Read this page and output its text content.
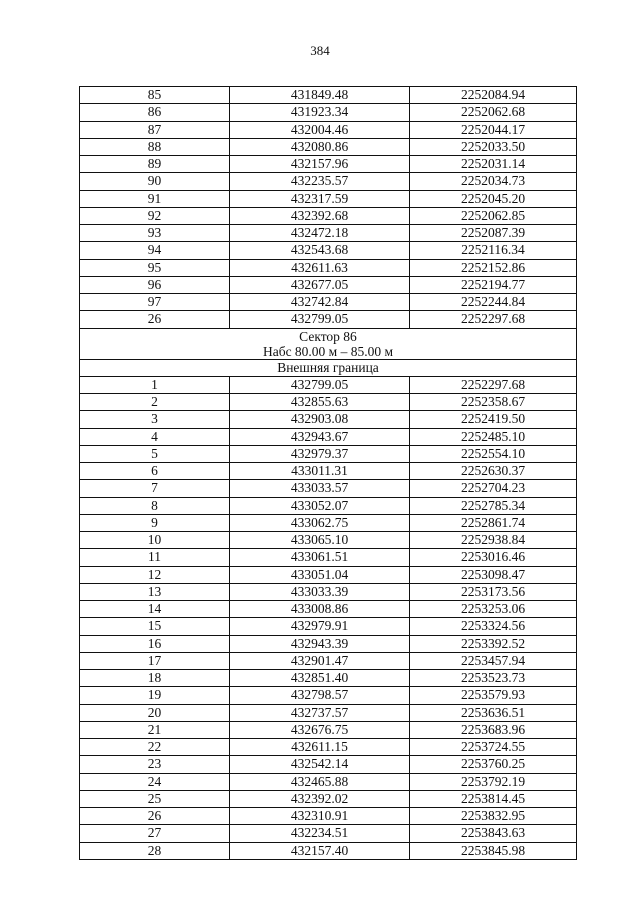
384
85	431849.48	2252084.94
86	431923.34	2252062.68
87	432004.46	2252044.17
88	432080.86	2252033.50
89	432157.96	2252031.14
90	432235.57	2252034.73
91	432317.59	2252045.20
92	432392.68	2252062.85
93	432472.18	2252087.39
94	432543.68	2252116.34
95	432611.63	2252152.86
96	432677.05	2252194.77
97	432742.84	2252244.84
26	432799.05	2252297.68

Сектор 86
Набс 80.00 м – 85.00 м		

Внешняя граница		
1	432799.05	2252297.68
2	432855.63	2252358.67
3	432903.08	2252419.50
4	432943.67	2252485.10
5	432979.37	2252554.10
6	433011.31	2252630.37
7	433033.57	2252704.23
8	433052.07	2252785.34
9	433062.75	2252861.74
10	433065.10	2252938.84
11	433061.51	2253016.46
12	433051.04	2253098.47
13	433033.39	2253173.56
14	433008.86	2253253.06
15	432979.91	2253324.56
16	432943.39	2253392.52
17	432901.47	2253457.94
18	432851.40	2253523.73
19	432798.57	2253579.93
20	432737.57	2253636.51
21	432676.75	2253683.96
22	432611.15	2253724.55
23	432542.14	2253760.25
24	432465.88	2253792.19
25	432392.02	2253814.45
26	432310.91	2253832.95
27	432234.51	2253843.63
28	432157.40	2253845.98
